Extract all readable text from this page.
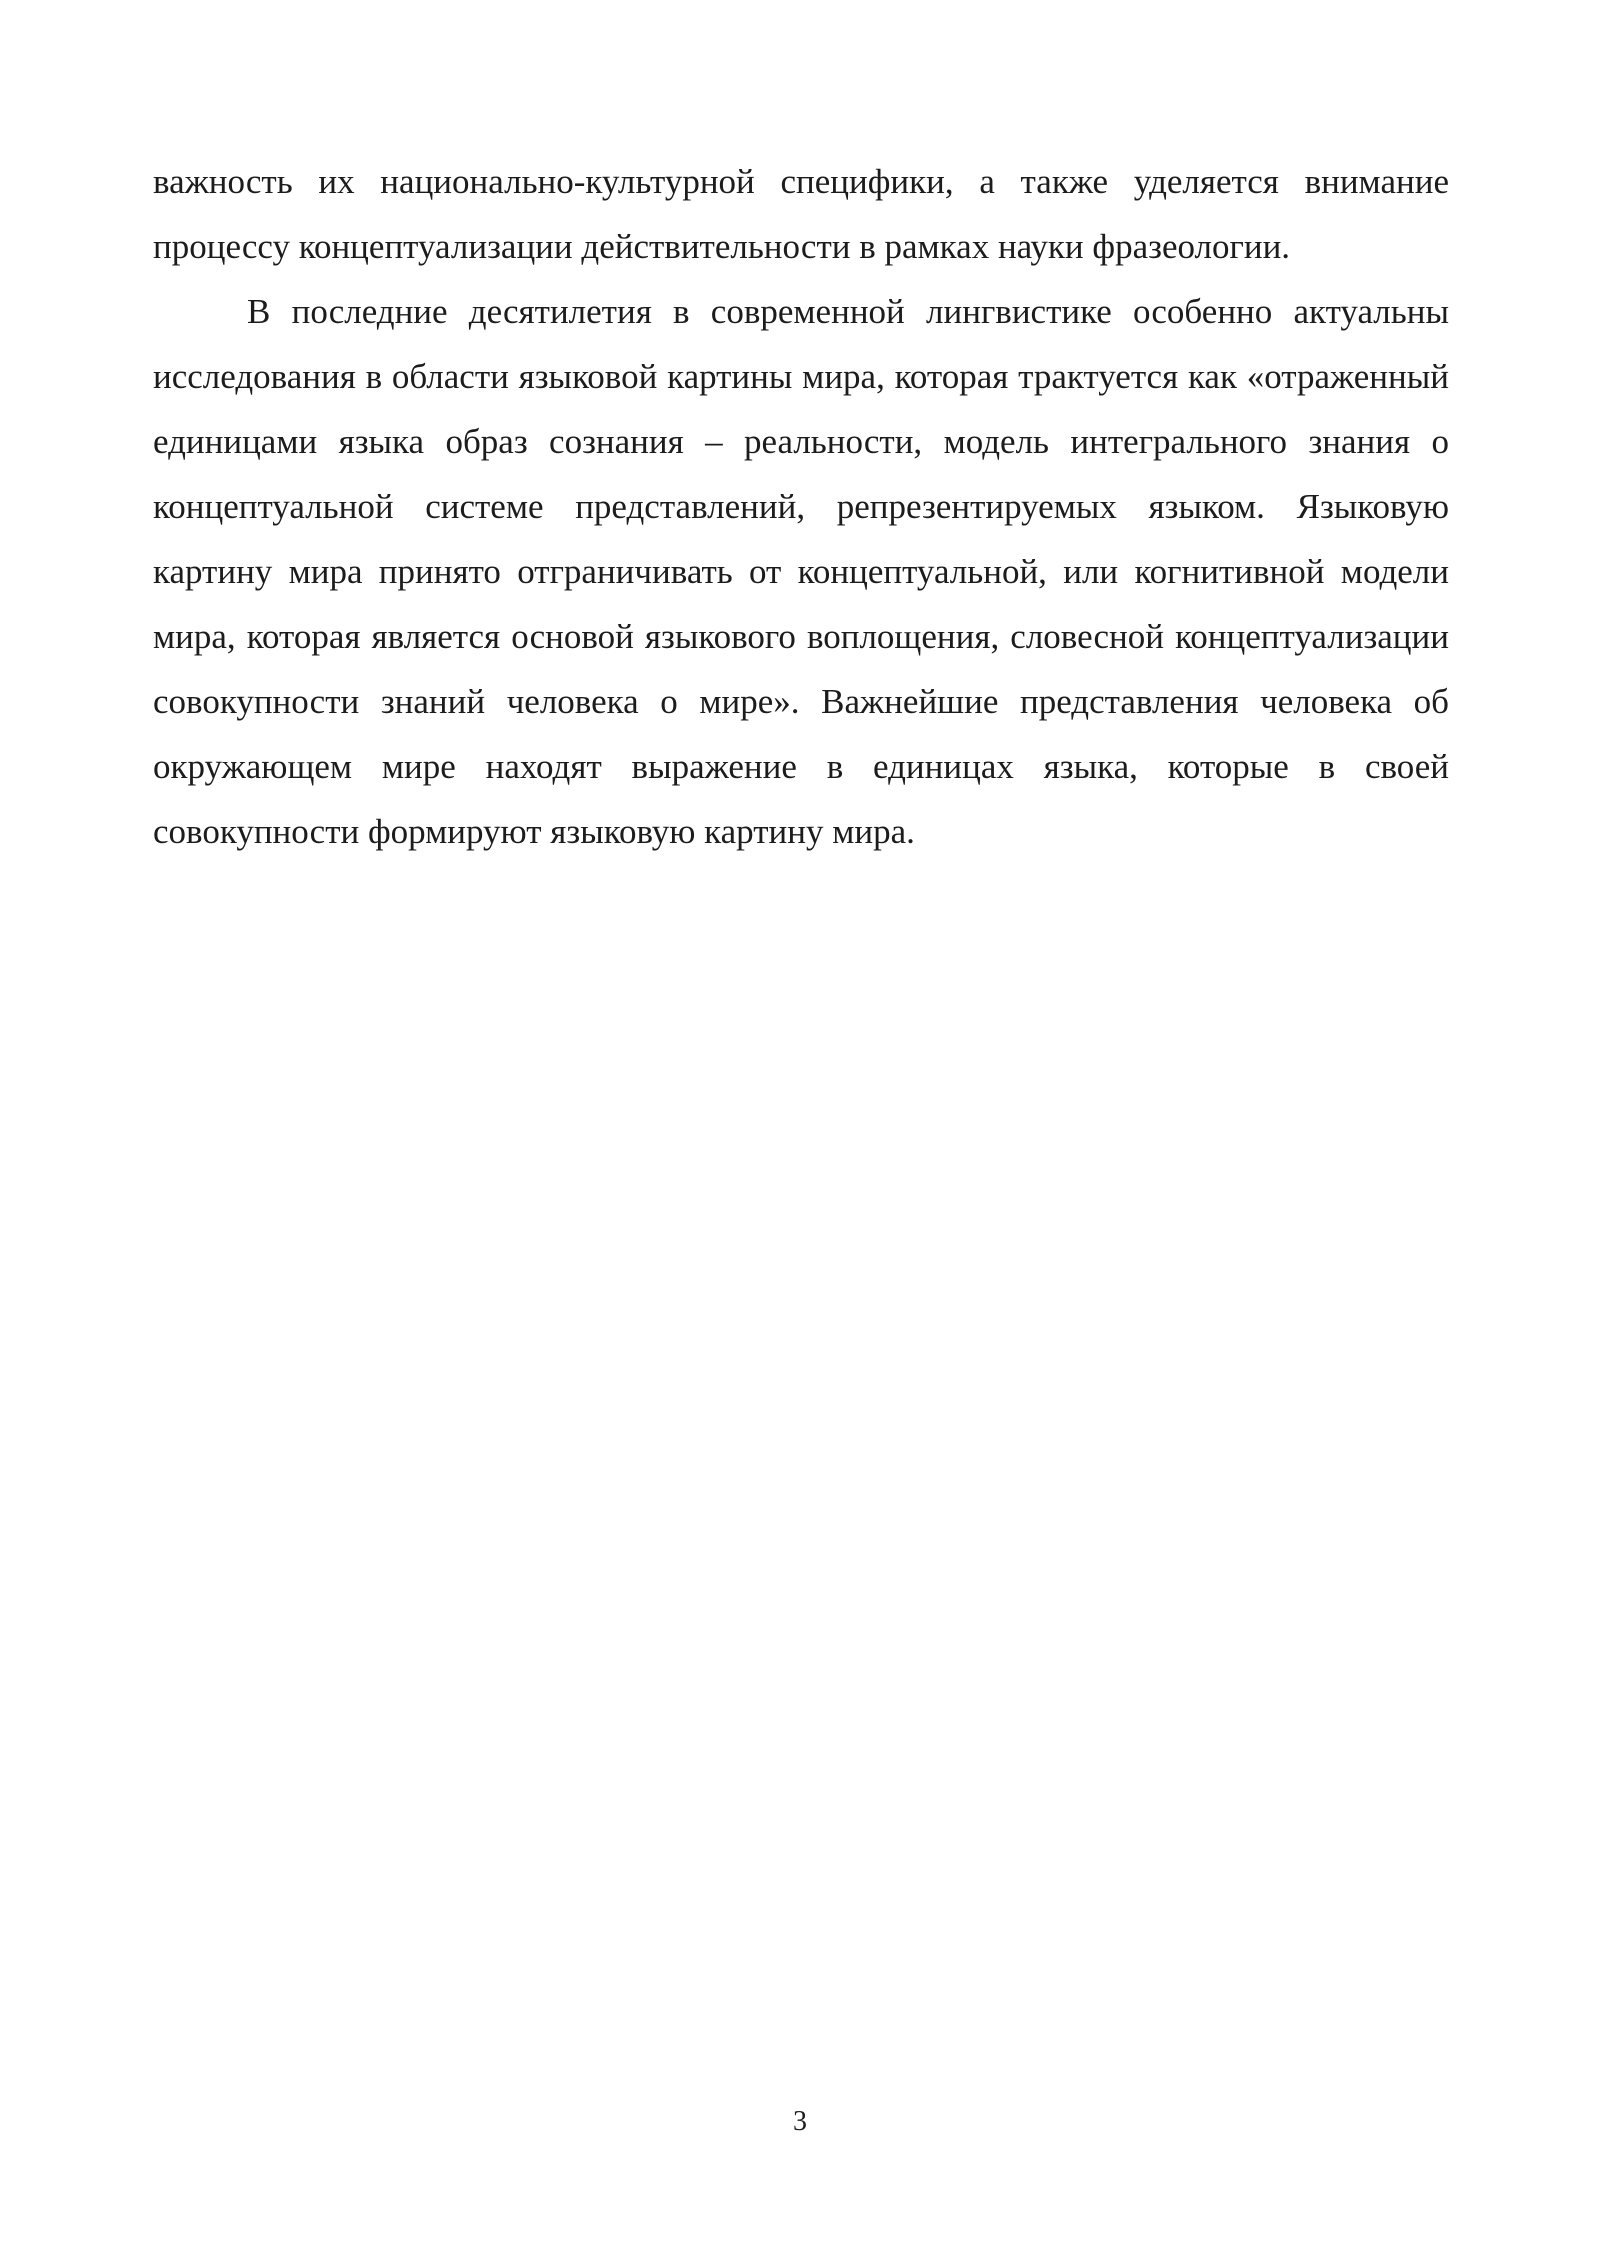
важность их национально-культурной специфики, а также уделяется внимание процессу концептуализации действительности в рамках науки фразеологии.

В последние десятилетия в современной лингвистике особенно актуальны исследования в области языковой картины мира, которая трактуется как «отраженный единицами языка образ сознания – реальности, модель интегрального знания о концептуальной системе представлений, репрезентируемых языком. Языковую картину мира принято отграничивать от концептуальной, или когнитивной модели мира, которая является основой языкового воплощения, словесной концептуализации совокупности знаний человека о мире». Важнейшие представления человека об окружающем мире находят выражение в единицах языка, которые в своей совокупности формируют языковую картину мира.

3
